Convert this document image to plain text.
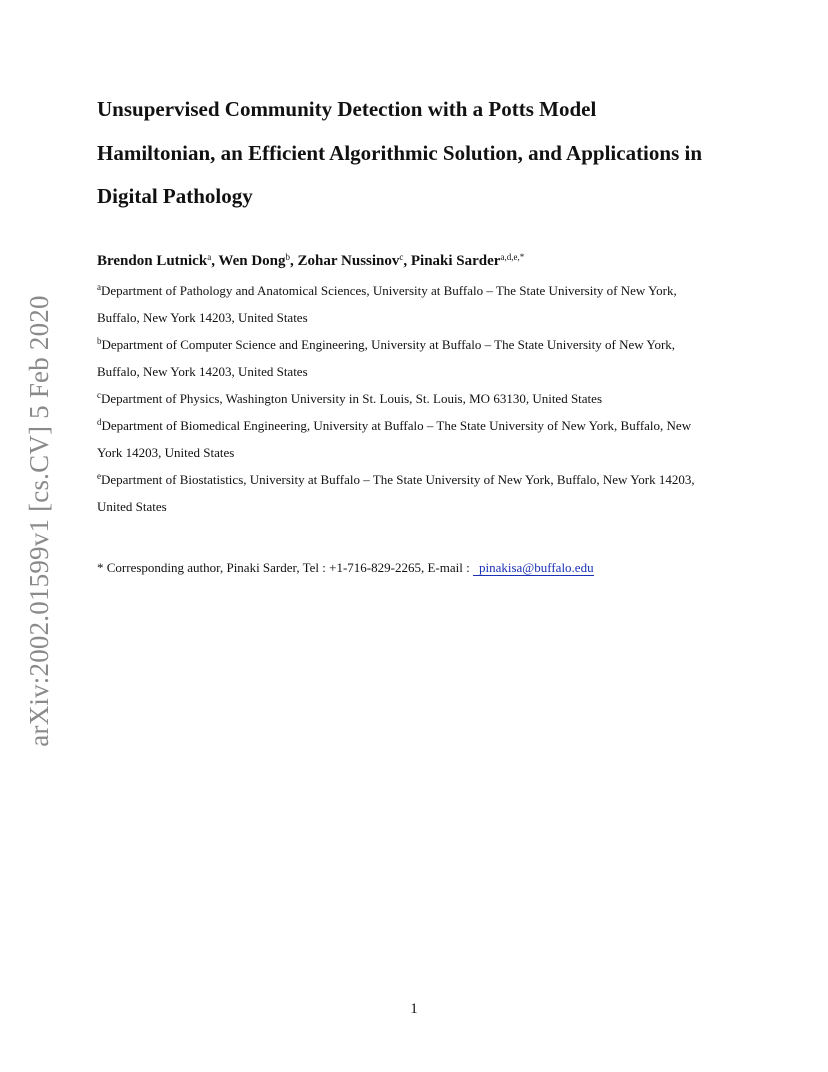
arXiv:2002.01599v1 [cs.CV] 5 Feb 2020
Unsupervised Community Detection with a Potts Model
Hamiltonian, an Efficient Algorithmic Solution, and Applications in
Digital Pathology
Brendon Lutnick$^a$, Wen Dong$^b$, Zohar Nussinov$^c$, Pinaki Sarder$^{a,d,e,*}$

$^a$Department of Pathology and Anatomical Sciences, University at Buffalo – The State University of New York,
Buffalo, New York 14203, United States

$^b$Department of Computer Science and Engineering, University at Buffalo – The State University of New York,
Buffalo, New York 14203, United States

$^c$Department of Physics, Washington University in St. Louis, St. Louis, MO 63130, United States

$^d$Department of Biomedical Engineering, University at Buffalo – The State University of New York, Buffalo, New
York 14203, United States

$^e$Department of Biostatistics, University at Buffalo – The State University of New York, Buffalo, New York 14203,
United States

* Corresponding author, Pinaki Sarder, Tel : +1-716-829-2265, E-mail : pinakisa@buffalo.edu
1
